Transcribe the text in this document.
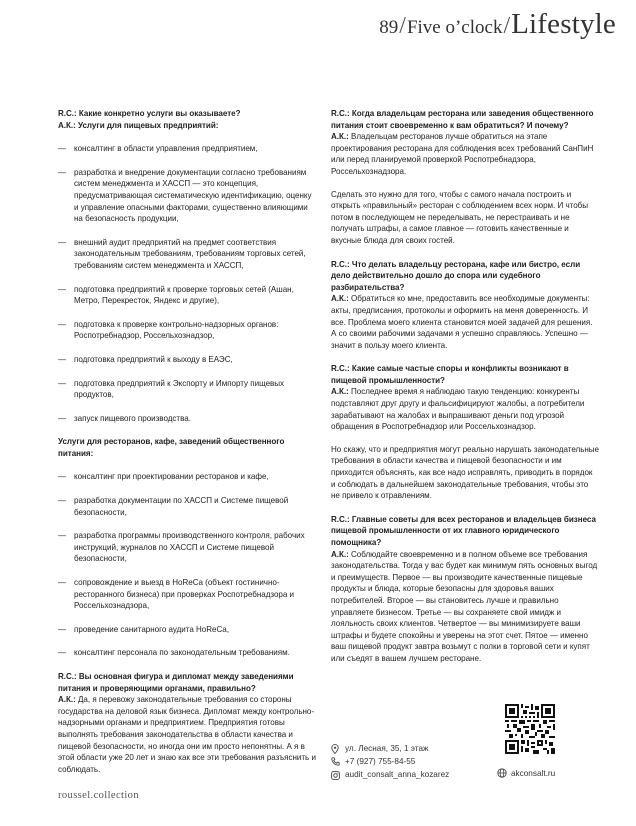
89 / Five o’clock / Lifestyle
R.C.: Какие конкретно услуги вы оказываете?
А.К.: Услуги для пищевых предприятий:
— консалтинг в области управления предприятием,
— разработка и внедрение документации согласно требованиям систем менеджмента и ХАССП — это концепция, предусматривающая систематическую идентификацию, оценку и управление опасными факторами, существенно влияющими на безопасность продукции,
— внешний аудит предприятий на предмет соответствия законодательным требованиям, требованиям торговых сетей, требованиям систем менеджмента и ХАССП,
— подготовка предприятий к проверке торговых сетей (Ашан, Метро, Перекресток, Яндекс и другие),
— подготовка к проверке контрольно-надзорных органов: Роспотребнадзор, Россельхознадзор,
— подготовка предприятий к выходу в ЕАЭС,
— подготовка предприятий к Экспорту и Импорту пищевых продуктов,
— запуск пищевого производства.
Услуги для ресторанов, кафе, заведений общественного питания:
— консалтинг при проектировании ресторанов и кафе,
— разработка документации по ХАССП и Системе пищевой безопасности,
— разработка программы производственного контроля, рабочих инструкций, журналов по ХАССП и Системе пищевой безопасности,
— сопровождение и выезд в HoReCa (объект гостинично-ресторанного бизнеса) при проверках Роспотребнадзора и Россельхознадзора,
— проведение санитарного аудита HoReCa,
— консалтинг персонала по законодательным требованиям.
R.C.: Вы основная фигура и дипломат между заведениями питания и проверяющими органами, правильно?
А.К.: Да, я перевожу законодательные требования со стороны государства на деловой язык бизнеса. Дипломат между контрольно-надзорными органами и предприятием. Предприятия готовы выполнять требования законодательства в области качества и пищевой безопасности, но иногда они им просто непонятны. А я в этой области уже 20 лет и знаю как все эти требования разъяснить и соблюдать.
R.C.: Когда владельцам ресторана или заведения общественного питания стоит своевременно к вам обратиться? И почему?
А.К.: Владельцам ресторанов лучше обратиться на этапе проектирования ресторана для соблюдения всех требований СанПиН или перед планируемой проверкой Роспотребнадзора, Россельхознадзора.
Сделать это нужно для того, чтобы с самого начала построить и открыть «правильный» ресторан с соблюдением всех норм. И чтобы потом в последующем не переделывать, не перестраивать и не получать штрафы, а самое главное — готовить качественные и вкусные блюда для своих гостей.
R.C.: Что делать владельцу ресторана, кафе или бистро, если дело действительно дошло до спора или судебного разбирательства?
А.К.: Обратиться ко мне, предоставить все необходимые документы: акты, предписания, протоколы и оформить на меня доверенность. И все. Проблема моего клиента становится моей задачей для решения. А со своими рабочими задачами я успешно справляюсь. Успешно — значит в пользу моего клиента.
R.C.: Какие самые частые споры и конфликты возникают в пищевой промышленности?
А.К.: Последнее время я наблюдаю такую тенденцию: конкуренты подставляют друг другу и фальсифицируют жалобы, а потребители зарабатывают на жалобах и выпрашивают деньги под угрозой обращения в Роспотребнадзор или Россельхознадзор.
Но скажу, что и предприятия могут реально нарушать законодательные требования в области качества и пищевой безопасности и им приходится объяснять, как все надо исправлять, приводить в порядок и соблюдать в дальнейшем законодательные требования, чтобы это не привело к отравлениям.
R.C.: Главные советы для всех ресторанов и владельцев бизнеса пищевой промышленности от их главного юридического помощника?
А.К.: Соблюдайте своевременно и в полном объеме все требования законодательства. Тогда у вас будет как минимум пять основных выгод и преимуществ. Первое — вы производите качественные пищевые продукты и блюда, которые безопасны для здоровья ваших потребителей. Второе — вы становитесь лучше и правильно управляете бизнесом. Третье — вы сохраняете свой имидж и лояльность своих клиентов. Четвертое — вы минимизируете ваши штрафы и будете спокойны и уверены на этот счет. Пятое — именно ваш пищевой продукт завтра возьмут с полки в торговой сети и купят или съедят в вашем лучшем ресторане.
ул. Лесная, 35, 1 этаж
+7 (927) 755-84-55
audit_consalt_anna_kozarez	akconsalt.ru
roussel.collection
